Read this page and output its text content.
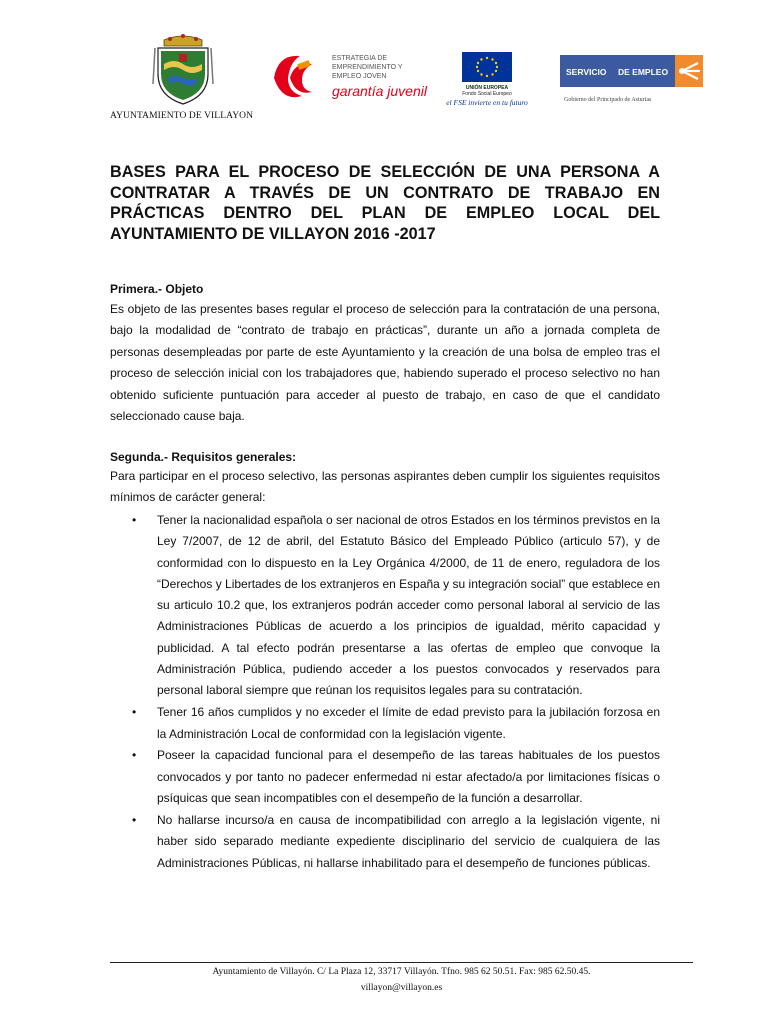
ESTRATEGIA DE
EMPRENDIMIENTO Y
EMPLEO JOVEN
garantía juvenil	UNIÓN EUROPEA
Fondo Social Europeo
el FSE invierte en tu futuro
SERVICIO DE EMPLEO
Gobierno del Principado de Asturias
AYUNTAMIENTO DE VILLAYON
BASES PARA EL PROCESO DE SELECCIÓN DE UNA PERSONA A CONTRATAR A TRAVÉS DE UN CONTRATO DE TRABAJO EN PRÁCTICAS DENTRO DEL PLAN DE EMPLEO LOCAL DEL AYUNTAMIENTO DE VILLAYON 2016 -2017
Primera.- Objeto

Es objeto de las presentes bases regular el proceso de selección para la contratación de una persona, bajo la modalidad de “contrato de trabajo en prácticas”, durante un año a jornada completa de personas desempleadas por parte de este Ayuntamiento y la creación de una bolsa de empleo tras el proceso de selección inicial con los trabajadores que, habiendo superado el proceso selectivo no han obtenido suficiente puntuación para acceder al puesto de trabajo, en caso de que el candidato seleccionado cause baja.

Segunda.- Requisitos generales:

Para participar en el proceso selectivo, las personas aspirantes deben cumplir los siguientes requisitos mínimos de carácter general:

• Tener la nacionalidad española o ser nacional de otros Estados en los términos previstos en la Ley 7/2007, de 12 de abril, del Estatuto Básico del Empleado Público (articulo 57), y de conformidad con lo dispuesto en la Ley Orgánica 4/2000, de 11 de enero, reguladora de los “Derechos y Libertades de los extranjeros en España y su integración social” que establece en su articulo 10.2 que, los extranjeros podrán acceder como personal laboral al servicio de las Administraciones Públicas de acuerdo a los principios de igualdad, mérito capacidad y publicidad. A tal efecto podrán presentarse a las ofertas de empleo que convoque la Administración Pública, pudiendo acceder a los puestos convocados y reservados para personal laboral siempre que reúnan los requisitos legales para su contratación.
• Tener 16 años cumplidos y no exceder el límite de edad previsto para la jubilación forzosa en la Administración Local de conformidad con la legislación vigente.
• Poseer la capacidad funcional para el desempeño de las tareas habituales de los puestos convocados y por tanto no padecer enfermedad ni estar afectado/a por limitaciones físicas o psíquicas que sean incompatibles con el desempeño de la función a desarrollar.
• No hallarse incurso/a en causa de incompatibilidad con arreglo a la legislación vigente, ni haber sido separado mediante expediente disciplinario del servicio de cualquiera de las Administraciones Públicas, ni hallarse inhabilitado para el desempeño de funciones públicas.
Ayuntamiento de Villayón. C/ La Plaza 12, 33717 Villayón. Tfno. 985 62 50.51. Fax: 985 62.50.45.
villayon@villayon.es
